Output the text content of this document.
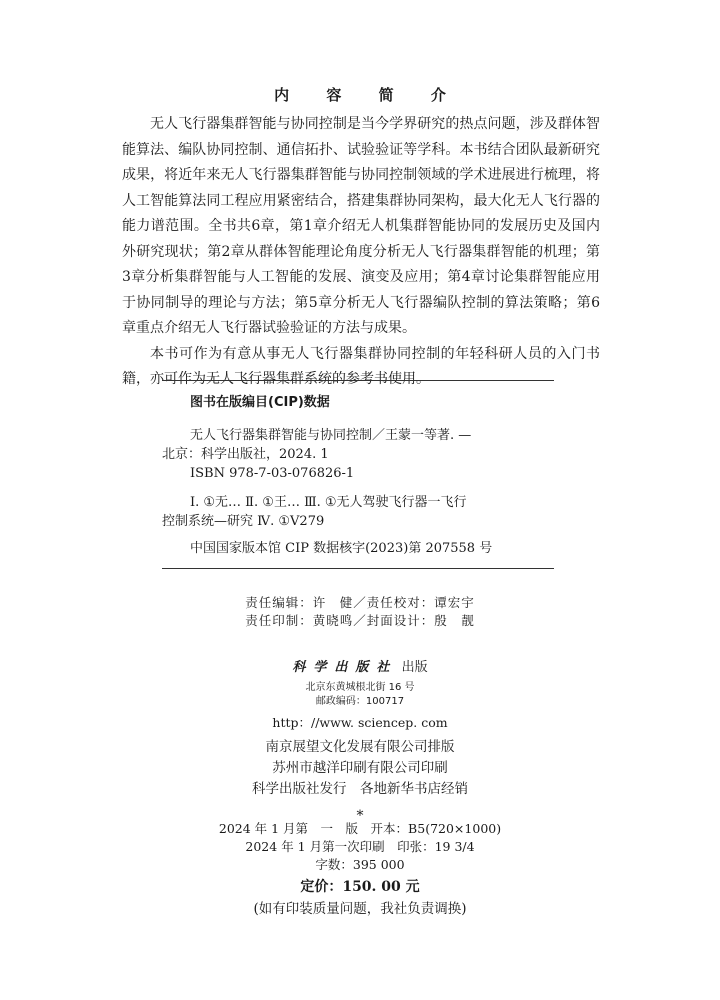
内 容 简 介

无人飞行器集群智能与协同控制是当今学界研究的热点问题，涉及群体智能算法、编队协同控制、通信拓扑、试验验证等学科。本书结合团队最新研究成果，将近年来无人飞行器集群智能与协同控制领域的学术进展进行梳理，将人工智能算法同工程应用紧密结合，搭建集群协同架构，最大化无人飞行器的能力谱范围。全书共6章，第1章介绍无人机集群智能协同的发展历史及国内外研究现状；第2章从群体智能理论角度分析无人飞行器集群智能的机理；第3章分析集群智能与人工智能的发展、演变及应用；第4章讨论集群智能应用于协同制导的理论与方法；第5章分析无人飞行器编队控制的算法策略；第6章重点介绍无人飞行器试验验证的方法与成果。

本书可作为有意从事无人飞行器集群协同控制的年轻科研人员的入门书籍，亦可作为无人飞行器集群系统的参考书使用。

图书在版编目(CIP)数据
无人飞行器集群智能与协同控制／王蒙一等著. —
北京：科学出版社，2024. 1
ISBN 978-7-03-076826-1
Ⅰ. ①无… Ⅱ. ①王… Ⅲ. ①无人驾驶飞行器一飞行
控制系统—研究 Ⅳ. ①V279
中国国家版本馆 CIP 数据核字(2023)第 207558 号
责任编辑：许　健／责任校对：谭宏宇
责任印制：黄晓鸣／封面设计：殷　靓
科学出版社 出版
北京东黄城根北街 16 号
邮政编码：100717
http：//www. sciencep. com
南京展望文化发展有限公司排版
苏州市越洋印刷有限公司印刷
科学出版社发行　各地新华书店经销
*
2024 年 1 月第　一　版　开本：B5(720×1000)
2024 年 1 月第一次印刷　印张：19 3/4
字数：395 000
定价：150. 00 元
(如有印装质量问题，我社负责调换)
